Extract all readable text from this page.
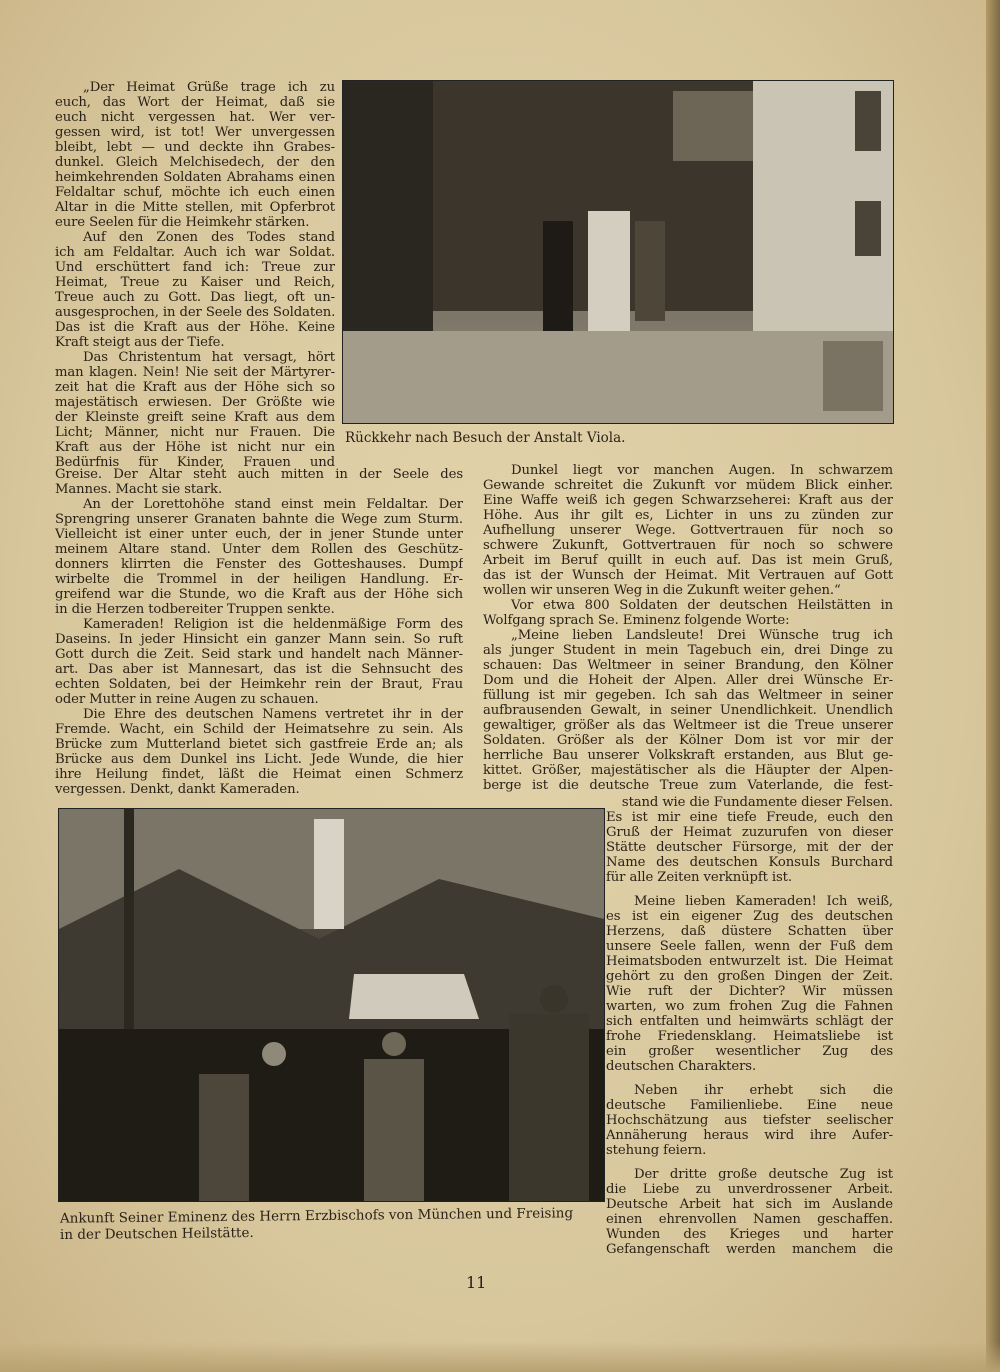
„Der Heimat Grüße trage ich zu
euch, das Wort der Heimat, daß sie
euch nicht vergessen hat. Wer ver-
gessen wird, ist tot! Wer unvergessen
bleibt, lebt — und deckte ihn Grabes-
dunkel. Gleich Melchisedech, der den
heimkehrenden Soldaten Abrahams einen
Feldaltar schuf, möchte ich euch einen
Altar in die Mitte stellen, mit Opferbrot
eure Seelen für die Heimkehr stärken.
Auf den Zonen des Todes stand
ich am Feldaltar. Auch ich war Soldat.
Und erschüttert fand ich: Treue zur
Heimat, Treue zu Kaiser und Reich,
Treue auch zu Gott. Das liegt, oft un-
ausgesprochen, in der Seele des Soldaten.
Das ist die Kraft aus der Höhe. Keine
Kraft steigt aus der Tiefe.
Das Christentum hat versagt, hört
man klagen. Nein! Nie seit der Märtyrer-
zeit hat die Kraft aus der Höhe sich so
majestätisch erwiesen. Der Größte wie
der Kleinste greift seine Kraft aus dem
Licht; Männer, nicht nur Frauen. Die
Kraft aus der Höhe ist nicht nur ein
Bedürfnis für Kinder, Frauen und
Greise. Der Altar steht auch mitten in der Seele des
Mannes. Macht sie stark.
An der Lorettohöhe stand einst mein Feldaltar. Der
Sprengring unserer Granaten bahnte die Wege zum Sturm.
Vielleicht ist einer unter euch, der in jener Stunde unter
meinem Altare stand. Unter dem Rollen des Geschütz-
donners klirrten die Fenster des Gotteshauses. Dumpf
wirbelte die Trommel in der heiligen Handlung. Er-
greifend war die Stunde, wo die Kraft aus der Höhe sich
in die Herzen todbereiter Truppen senkte.
Kameraden! Religion ist die heldenmäßige Form des
Daseins. In jeder Hinsicht ein ganzer Mann sein. So ruft
Gott durch die Zeit. Seid stark und handelt nach Männer-
art. Das aber ist Mannesart, das ist die Sehnsucht des
echten Soldaten, bei der Heimkehr rein der Braut, Frau
oder Mutter in reine Augen zu schauen.
Die Ehre des deutschen Namens vertretet ihr in der
Fremde. Wacht, ein Schild der Heimatsehre zu sein. Als
Brücke zum Mutterland bietet sich gastfreie Erde an; als
Brücke aus dem Dunkel ins Licht. Jede Wunde, die hier
ihre Heilung findet, läßt die Heimat einen Schmerz
vergessen. Denkt, dankt Kameraden.
Dunkel liegt vor manchen Augen. In schwarzem
Gewande schreitet die Zukunft vor müdem Blick einher.
Eine Waffe weiß ich gegen Schwarzseherei: Kraft aus der
Höhe. Aus ihr gilt es, Lichter in uns zu zünden zur
Aufhellung unserer Wege. Gottvertrauen für noch so
schwere Zukunft, Gottvertrauen für noch so schwere
Arbeit im Beruf quillt in euch auf. Das ist mein Gruß,
das ist der Wunsch der Heimat. Mit Vertrauen auf Gott
wollen wir unseren Weg in die Zukunft weiter gehen.“
Vor etwa 800 Soldaten der deutschen Heilstätten in
Wolfgang sprach Se. Eminenz folgende Worte:
„Meine lieben Landsleute! Drei Wünsche trug ich
als junger Student in mein Tagebuch ein, drei Dinge zu
schauen: Das Weltmeer in seiner Brandung, den Kölner
Dom und die Hoheit der Alpen. Aller drei Wünsche Er-
füllung ist mir gegeben. Ich sah das Weltmeer in seiner
aufbrausenden Gewalt, in seiner Unendlichkeit. Unendlich
gewaltiger, größer als das Weltmeer ist die Treue unserer
Soldaten. Größer als der Kölner Dom ist vor mir der
herrliche Bau unserer Volkskraft erstanden, aus Blut ge-
kittet. Größer, majestätischer als die Häupter der Alpen-
berge ist die deutsche Treue zum Vaterlande, die fest-
stand wie die Fundamente dieser Felsen.
Es ist mir eine tiefe Freude, euch den
Gruß der Heimat zuzurufen von dieser
Stätte deutscher Fürsorge, mit der der
Name des deutschen Konsuls Burchard
für alle Zeiten verknüpft ist.
Meine lieben Kameraden! Ich weiß,
es ist ein eigener Zug des deutschen
Herzens, daß düstere Schatten über
unsere Seele fallen, wenn der Fuß dem
Heimatsboden entwurzelt ist. Die Heimat
gehört zu den großen Dingen der Zeit.
Wie ruft der Dichter? Wir müssen
warten, wo zum frohen Zug die Fahnen
sich entfalten und heimwärts schlägt der
frohe Friedensklang. Heimatsliebe ist
ein großer wesentlicher Zug des
deutschen Charakters.
Neben ihr erhebt sich die
deutsche Familienliebe. Eine neue
Hochschätzung aus tiefster seelischer
Annäherung heraus wird ihre Aufer-
stehung feiern.
Der dritte große deutsche Zug ist
die Liebe zu unverdrossener Arbeit.
Deutsche Arbeit hat sich im Auslande
einen ehrenvollen Namen geschaffen.
Wunden des Krieges und harter
Gefangenschaft werden manchem die
Rückkehr nach Besuch der Anstalt Viola.
Ankunft Seiner Eminenz des Herrn Erzbischofs von München und Freising
in der Deutschen Heilstätte.
11
